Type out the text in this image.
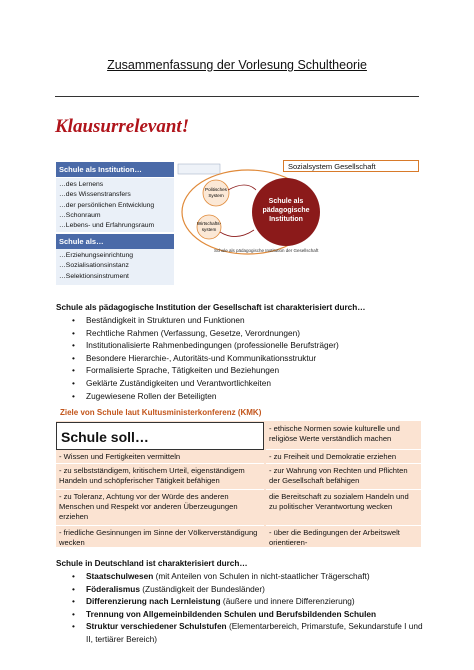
Zusammenfassung der Vorlesung Schultheorie
Klausurrelevant!
Schule als Institution…
…des Lernens
…des Wissenstransfers
…der persönlichen Entwicklung
…Schonraum
…Lebens- und Erfahrungsraum
Schule als…
…Erziehungseinrichtung
…Sozialisationsinstanz
…Selektionsinstrument
Politisches
System
Wirtschafts-
system
Schule als
pädagogische
Institution
Sozialsystem Gesellschaft
Schule als pädagogische Institution der Gesellschaft
Schule als pädagogische Institution der Gesellschaft ist charakterisiert durch…
• Beständigkeit in Strukturen und Funktionen
• Rechtliche Rahmen (Verfassung, Gesetze, Verordnungen)
• Institutionalisierte Rahmenbedingungen (professionelle Berufsträger)
• Besondere Hierarchie-, Autoritäts-und Kommunikationsstruktur
• Formalisierte Sprache, Tätigkeiten und Beziehungen
• Geklärte Zuständigkeiten und Verantwortlichkeiten
• Zugewiesene Rollen der Beteiligten
Ziele von Schule laut Kultusministerkonferenz (KMK)
Schule soll…
- ethische Normen sowie kulturelle und religiöse Werte verständlich machen
- Wissen und Fertigkeiten vermitteln	- zu Freiheit und Demokratie erziehen
- zu selbstständigem, kritischem Urteil, eigenständigem Handeln und schöpferischer Tätigkeit befähigen
- zur Wahrung von Rechten und Pflichten der Gesellschaft befähigen
- zu Toleranz, Achtung vor der Würde des anderen Menschen und Respekt vor anderen Überzeugungen erziehen
die Bereitschaft zu sozialem Handeln und zu politischer Verantwortung wecken
- friedliche Gesinnungen im Sinne der Völkerverständigung wecken
- über die Bedingungen der Arbeitswelt orientieren-
Schule in Deutschland ist charakterisiert durch…
• Staatschulwesen (mit Anteilen von Schulen in nicht-staatlicher Trägerschaft)
• Föderalismus (Zuständigkeit der Bundesländer)
• Differenzierung nach Lernleistung (äußere und innere Differenzierung)
• Trennung von Allgemeinbildenden Schulen und Berufsbildenden Schulen
• Struktur verschiedener Schulstufen (Elementarbereich, Primarstufe, Sekundarstufe I und II, tertiärer Bereich)
